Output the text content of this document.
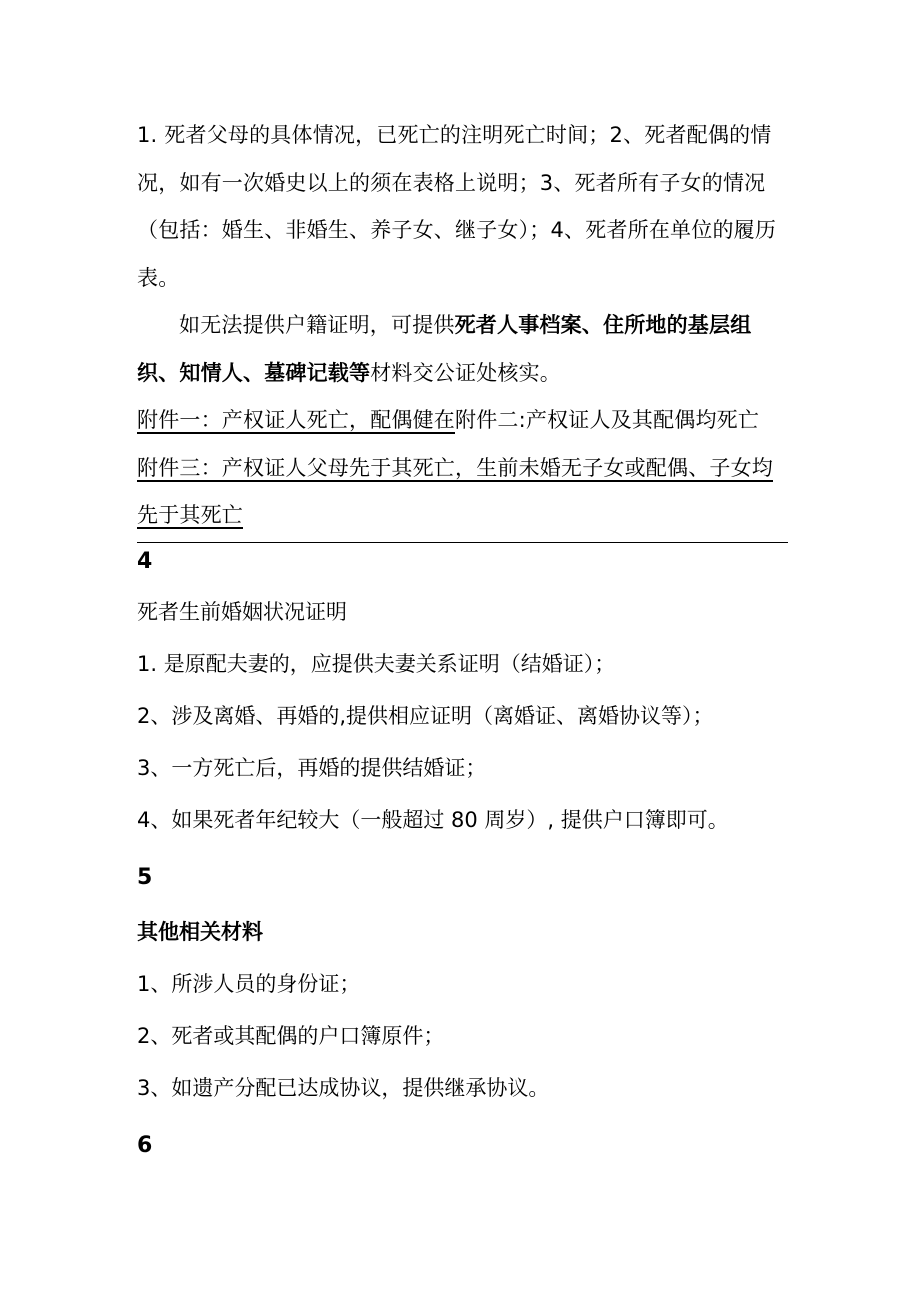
1. 死者父母的具体情况，已死亡的注明死亡时间；2、死者配偶的情况，如有一次婚史以上的须在表格上说明；3、死者所有子女的情况（包括：婚生、非婚生、养子女、继子女）；4、死者所在单位的履历表。

如无法提供户籍证明，可提供死者人事档案、住所地的基层组织、知情人、墓碑记载等材料交公证处核实。

附件一：产权证人死亡，配偶健在附件二:产权证人及其配偶均死亡
附件三：产权证人父母先于其死亡，生前未婚无子女或配偶、子女均先于其死亡

4

死者生前婚姻状况证明

1. 是原配夫妻的，应提供夫妻关系证明（结婚证）；

2、涉及离婚、再婚的,提供相应证明（离婚证、离婚协议等）；

3、一方死亡后，再婚的提供结婚证；

4、如果死者年纪较大（一般超过 80 周岁）, 提供户口簿即可。

5

其他相关材料

1、所涉人员的身份证；

2、死者或其配偶的户口簿原件；

3、如遗产分配已达成协议，提供继承协议。

6
